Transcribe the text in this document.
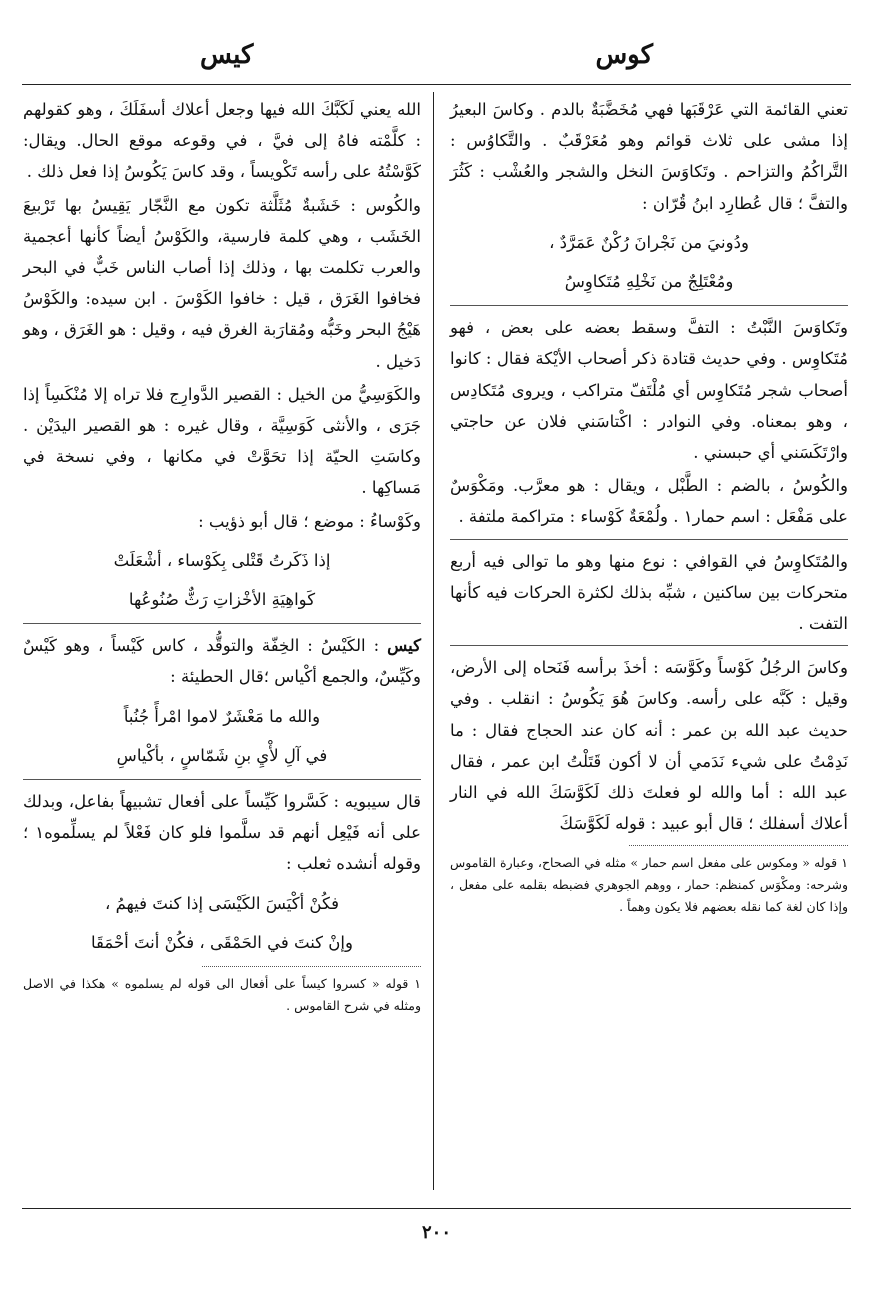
كوس
كيس

تعني القائمة التي عَرْقَبَها فهي مُخَضَّبَةٌ بالدم . وكاسَ البعيرُ إذا مشى على ثلاث قوائم وهو مُعَرْقَبٌ . والتَّكاوُس : التَّراكُمُ والتزاحم . وتَكاوَسَ النخل والشجر والعُشْب : كَثُرَ والتفَّ ؛ قال عُطارِد ابنُ قُرّان :

ودُونيَ من نَجْرانَ رُكْنٌ عَمَرَّدٌ ،
ومُعْتَلِجٌ من نَخْلِهِ مُتَكاوِسُ

وتَكاوَسَ النَّبْتُ : التفَّ وسقط بعضه على بعض ، فهو مُتَكاوِس . وفي حديث قتادة ذكر أصحاب الأيْكة فقال : كانوا أصحاب شجر مُتَكاوِس أي مُلْتَفّ متراكب ، ويروى مُتَكادِس ، وهو بمعناه. وفي النوادر : اكْتاسَني فلان عن حاجتي وارْتَكَسَني أي حبسني .

والكُوسُ ، بالضم : الطَّبْل ، ويقال : هو معرَّب. ومَكْوَسٌ على مَفْعَل : اسم حمار١ . ولُمْعَةٌ كَوْساء : متراكمة ملتفة .

والمُتَكاوِسُ في القوافي : نوع منها وهو ما توالى فيه أربع متحركات بين ساكنين ، شبِّه بذلك لكثرة الحركات فيه كأنها التفت .

وكاسَ الرجُلُ كَوْساً وكَوَّسَه : أخذَ برأسه فَنَحاه إلى الأرض، وقيل : كَبَّه على رأسه. وكاسَ هُوَ يَكُوسُ : انقلب . وفي حديث عبد الله بن عمر : أنه كان عند الحجاج فقال : ما نَدِمْتُ على شيء نَدَمي أن لا أكون قَتَلْتُ ابن عمر ، فقال عبد الله : أما والله لو فعلتَ ذلك لَكَوَّسَكَ الله في النار أعلاك أسفلك ؛ قال أبو عبيد : قوله لَكَوَّسَكَ

١ قوله « ومكوس على مفعل اسم حمار » مثله في الصحاح، وعبارة القاموس وشرحه: ومكْوَس كمنظم: حمار ، ووهم الجوهري فضبطه بقلمه على مفعل ، وإذا كان لغة كما نقله بعضهم فلا يكون وهماً .

الله يعني لَكَبَّكَ الله فيها وجعل أعلاك أسفَلَكَ ، وهو كقولهم : كلَّمْته فاهُ إلى فيَّ ، في وقوعه موقع الحال. ويقال: كَوَّسْتُهُ على رأسه تَكْويساً ، وقد كاسَ يَكُوسُ إذا فعل ذلك .

والكُوس : خَشَبةٌ مُثَلَّثة تكون مع النَّجّار يَقِيسُ بها تَرْبيعَ الخَشَب ، وهي كلمة فارسية، والكَوْسُ أيضاً كأنها أعجمية والعرب تكلمت بها ، وذلك إذا أصاب الناس خَبٌّ في البحر فخافوا الغَرَق ، قيل : خافوا الكَوْسَ . ابن سيده: والكَوْسُ هَيْجُ البحر وخَبُّه ومُقارَبة الغرق فيه ، وقيل : هو الغَرَق ، وهو دَخيل .

والكَوَسِيُّ من الخيل : القصير الدَّوارِج فلا تراه إلا مُنْكَسِاً إذا جَرَى ، والأنثى كَوَسِيَّة ، وقال غيره : هو القصير اليدَيْن . وكاسَتِ الحيّة إذا تحَوَّتْ في مكانها ، وفي نسخة في مَساكِها .

وكَوْساءُ : موضع ؛ قال أبو ذؤيب :

إذا ذَكَرتُ قَتْلى بِكَوْساء ، أشْعَلَتْ
كَواهِيَةِ الأخْزاتِ رَثٌّ صُنُوعُها

كيس : الكَيْسُ : الخِفّة والتوقُّد ، كاس كَيْساً ، وهو كَيْسٌ وكَيِّسٌ، والجمع أكْياس ؛قال الحطيئة :

والله ما مَعْشَرٌ لاموا امْرأً جُنُباً
في آلِ لأْيِ بنِ شَمّاسٍ ، بأكْياسِ

قال سيبويه : كَسَّروا كَيِّساً على أفعال تشبيهاً بفاعل، وبدلك على أنه فَيْعِل أنهم قد سلَّموا فلو كان فَعْلاً لم يسلِّموه١ ؛ وقوله أنشده ثعلب :

فكُنْ أكْيَسَ الكَيْسَى إذا كنتَ فيهمُ ،
وإنْ كنتَ في الحَمْقَى ، فكُنْ أنتَ أحْمَقَا
١ قوله « كسروا كيساً على أفعال الى قوله لم يسلموه » هكذا في الاصل ومثله في شرح القاموس .
٢٠٠
